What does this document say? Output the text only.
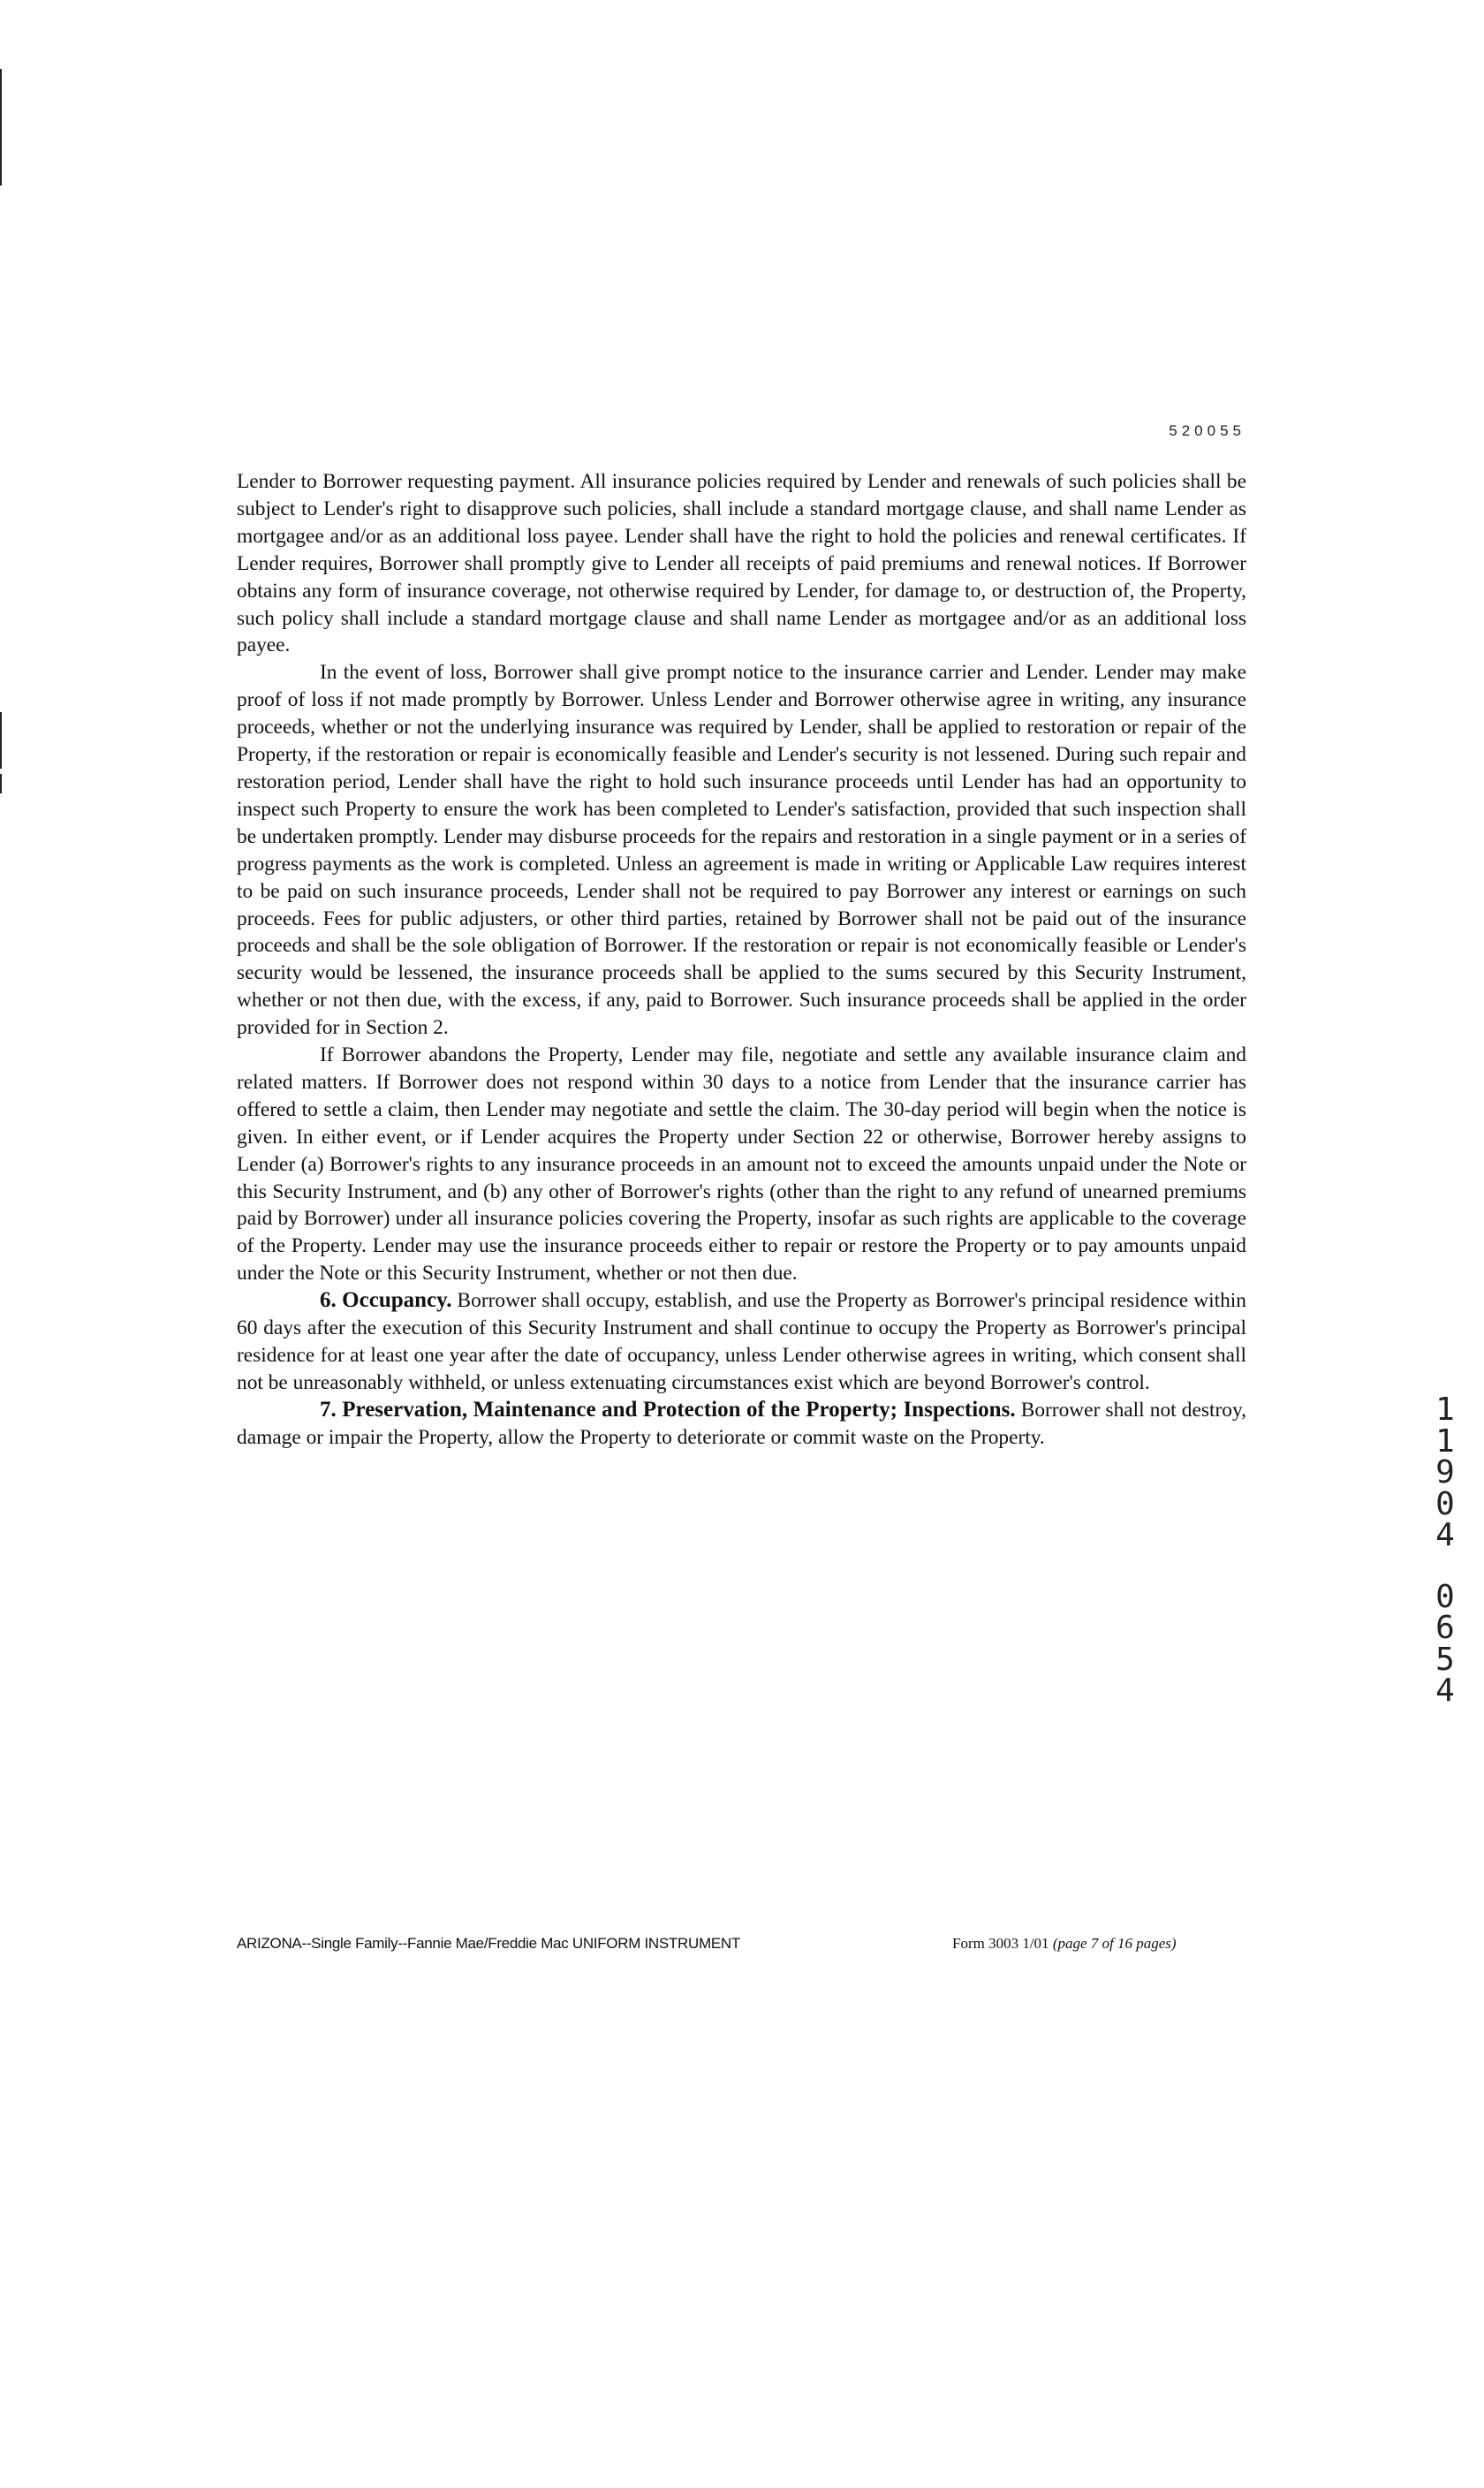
520055

Lender to Borrower requesting payment. All insurance policies required by Lender and renewals of such policies shall be subject to Lender's right to disapprove such policies, shall include a standard mortgage clause, and shall name Lender as mortgagee and/or as an additional loss payee. Lender shall have the right to hold the policies and renewal certificates. If Lender requires, Borrower shall promptly give to Lender all receipts of paid premiums and renewal notices. If Borrower obtains any form of insurance coverage, not otherwise required by Lender, for damage to, or destruction of, the Property, such policy shall include a standard mortgage clause and shall name Lender as mortgagee and/or as an additional loss payee.

In the event of loss, Borrower shall give prompt notice to the insurance carrier and Lender. Lender may make proof of loss if not made promptly by Borrower. Unless Lender and Borrower otherwise agree in writing, any insurance proceeds, whether or not the underlying insurance was required by Lender, shall be applied to restoration or repair of the Property, if the restoration or repair is economically feasible and Lender's security is not lessened. During such repair and restoration period, Lender shall have the right to hold such insurance proceeds until Lender has had an opportunity to inspect such Property to ensure the work has been completed to Lender's satisfaction, provided that such inspection shall be undertaken promptly. Lender may disburse proceeds for the repairs and restoration in a single payment or in a series of progress payments as the work is completed. Unless an agreement is made in writing or Applicable Law requires interest to be paid on such insurance proceeds, Lender shall not be required to pay Borrower any interest or earnings on such proceeds. Fees for public adjusters, or other third parties, retained by Borrower shall not be paid out of the insurance proceeds and shall be the sole obligation of Borrower. If the restoration or repair is not economically feasible or Lender's security would be lessened, the insurance proceeds shall be applied to the sums secured by this Security Instrument, whether or not then due, with the excess, if any, paid to Borrower. Such insurance proceeds shall be applied in the order provided for in Section 2.

If Borrower abandons the Property, Lender may file, negotiate and settle any available insurance claim and related matters. If Borrower does not respond within 30 days to a notice from Lender that the insurance carrier has offered to settle a claim, then Lender may negotiate and settle the claim. The 30-day period will begin when the notice is given. In either event, or if Lender acquires the Property under Section 22 or otherwise, Borrower hereby assigns to Lender (a) Borrower's rights to any insurance proceeds in an amount not to exceed the amounts unpaid under the Note or this Security Instrument, and (b) any other of Borrower's rights (other than the right to any refund of unearned premiums paid by Borrower) under all insurance policies covering the Property, insofar as such rights are applicable to the coverage of the Property. Lender may use the insurance proceeds either to repair or restore the Property or to pay amounts unpaid under the Note or this Security Instrument, whether or not then due.

6. Occupancy. Borrower shall occupy, establish, and use the Property as Borrower's principal residence within 60 days after the execution of this Security Instrument and shall continue to occupy the Property as Borrower's principal residence for at least one year after the date of occupancy, unless Lender otherwise agrees in writing, which consent shall not be unreasonably withheld, or unless extenuating circumstances exist which are beyond Borrower's control.

7. Preservation, Maintenance and Protection of the Property; Inspections. Borrower shall not destroy, damage or impair the Property, allow the Property to deteriorate or commit waste on the Property.

1
1
9
0
4
0
6
5
4
ARIZONA--Single Family--Fannie Mae/Freddie Mac UNIFORM INSTRUMENT	Form 3003 1/01 (page 7 of 16 pages)
